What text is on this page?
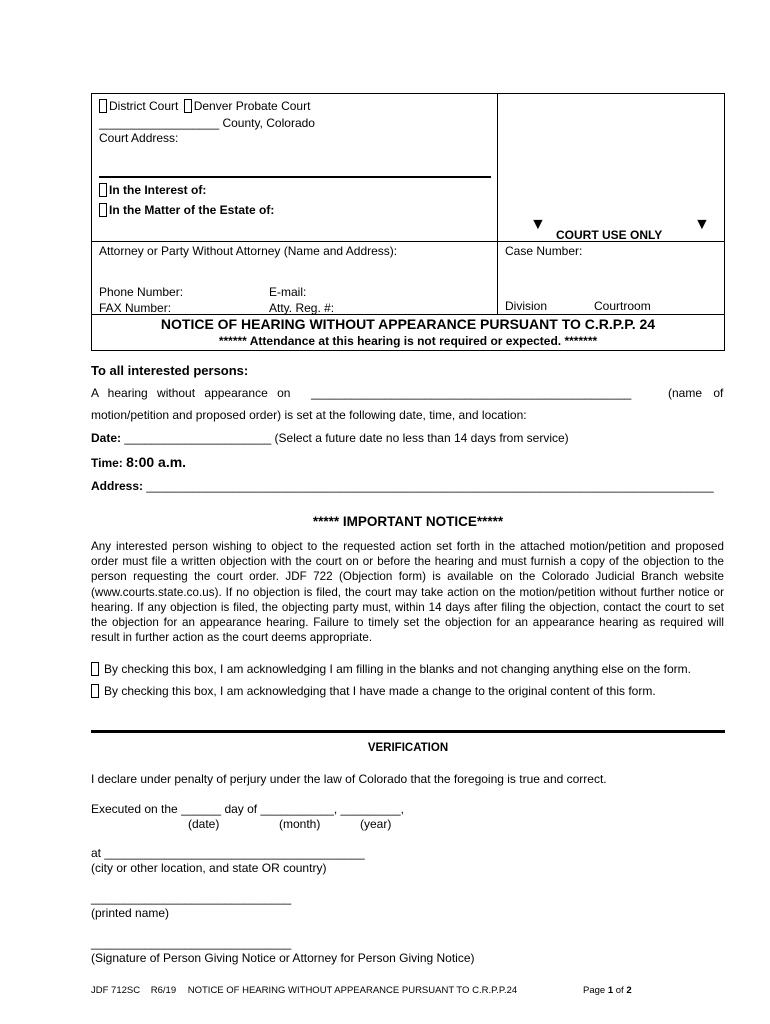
District Court Denver Probate Court
__________________ County, Colorado
Court Address:
In the Interest of:
In the Matter of the Estate of:
▼
COURT USE ONLY
▼
Attorney or Party Without Attorney (Name and Address):	Case Number:
Phone Number:	E-mail:
FAX Number:	Atty. Reg. #:	Division	Courtroom
NOTICE OF HEARING WITHOUT APPEARANCE PURSUANT TO C.R.P.P. 24
****** Attendance at this hearing is not required or expected. *******
To all interested persons:
A hearing without appearance on ________________________________________________	(name of
motion/petition and proposed order) is set at the following date, time, and location:
Date: ______________________ (Select a future date no less than 14 days from service)
Time: 8:00 a.m.
Address: _____________________________________________________________________________________
***** IMPORTANT NOTICE*****
Any interested person wishing to object to the requested action set forth in the attached motion/petition and proposed order must file a written objection with the court on or before the hearing and must furnish a copy of the objection to the person requesting the court order. JDF 722 (Objection form) is available on the Colorado Judicial Branch website (www.courts.state.co.us). If no objection is filed, the court may take action on the motion/petition without further notice or hearing. If any objection is filed, the objecting party must, within 14 days after filing the objection, contact the court to set the objection for an appearance hearing. Failure to timely set the objection for an appearance hearing as required will result in further action as the court deems appropriate.
By checking this box, I am acknowledging I am filling in the blanks and not changing anything else on the form.
By checking this box, I am acknowledging that I have made a change to the original content of this form.
VERIFICATION
I declare under penalty of perjury under the law of Colorado that the foregoing is true and correct.
Executed on the ______ day of ___________, _________,
(date)	(month)	(year)
at _______________________________________
(city or other location, and state OR country)
______________________________
(printed name)
______________________________
(Signature of Person Giving Notice or Attorney for Person Giving Notice)
JDF 712SC R6/19 NOTICE OF HEARING WITHOUT APPEARANCE PURSUANT TO C.R.P.P.24	Page 1 of 2
